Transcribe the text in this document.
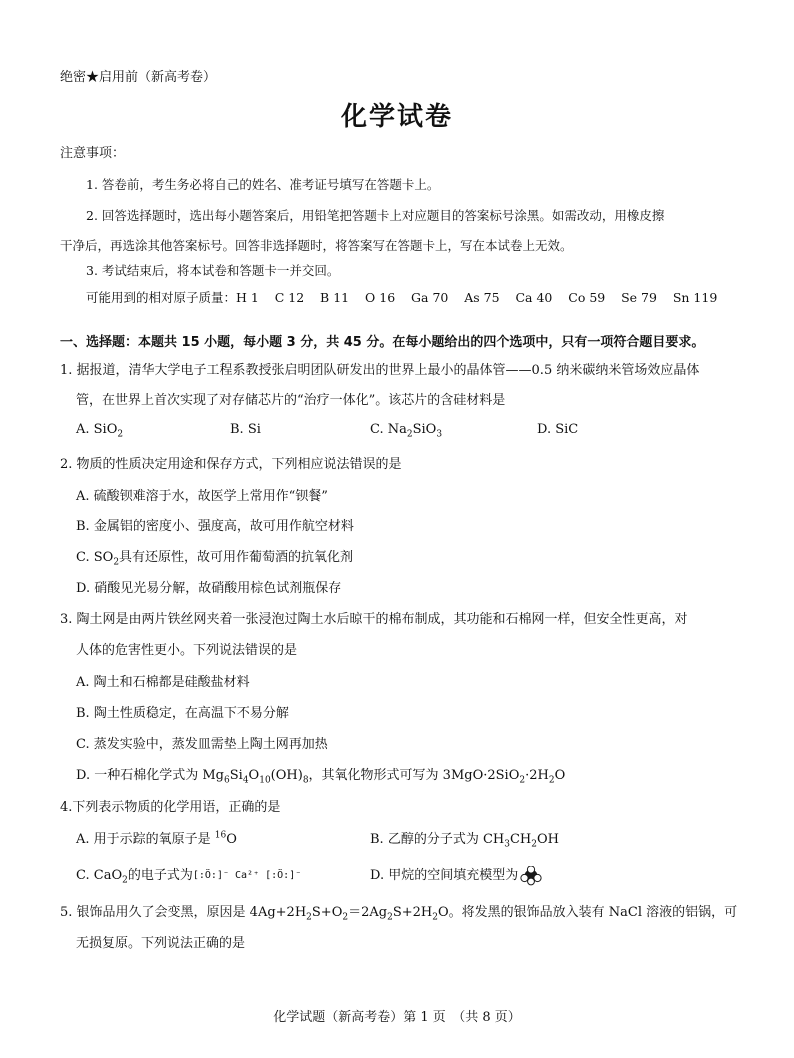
绝密★启用前（新高考卷）
化学试卷
注意事项：
1. 答卷前，考生务必将自己的姓名、准考证号填写在答题卡上。
2. 回答选择题时，选出每小题答案后，用铅笔把答题卡上对应题目的答案标号涂黑。如需改动，用橡皮擦
干净后，再选涂其他答案标号。回答非选择题时，将答案写在答题卡上，写在本试卷上无效。
3. 考试结束后，将本试卷和答题卡一并交回。
可能用到的相对原子质量：H 1    C 12    B 11    O 16    Ga 70    As 75    Ca 40    Co 59    Se 79    Sn 119
一、选择题：本题共 15 小题，每小题 3 分，共 45 分。在每小题给出的四个选项中，只有一项符合题目要求。
1. 据报道，清华大学电子工程系教授张启明团队研发出的世界上最小的晶体管——0.5 纳米碳纳米管场效应晶体
管，在世界上首次实现了对存储芯片的“治疗一体化”。该芯片的含硅材料是
A. SiO$_2$	B. Si	C. $Na_2SiO_3$	D. SiC
2. 物质的性质决定用途和保存方式，下列相应说法错误的是
A. 硫酸钡难溶于水，故医学上常用作“钡餐”
B. 金属铝的密度小、强度高，故可用作航空材料
C. $SO_2$具有还原性，故可用作葡萄酒的抗氧化剂
D. 硝酸见光易分解，故硝酸用棕色试剂瓶保存
3. 陶土网是由两片铁丝网夹着一张浸泡过陶土水后晾干的棉布制成，其功能和石棉网一样，但安全性更高，对
人体的危害性更小。下列说法错误的是
A. 陶土和石棉都是硅酸盐材料
B. 陶土性质稳定，在高温下不易分解
C. 蒸发实验中，蒸发皿需垫上陶土网再加热
D. 一种石棉化学式为 $Mg_6Si_4O_{10}(OH)_8$，其氧化物形式可写为 $3MgO\cdot 2SiO_2\cdot 2H_2O$
4.下列表示物质的化学用语，正确的是
A. 用于示踪的氧原子是 $^{16}$O	B. 乙醇的分子式为 $CH_3CH_2OH$
C. CaO$_2$的电子式为[:Ö:]⁻ Ca²⁺ [:Ö:]⁻	D. 甲烷的空间填充模型为
5. 银饰品用久了会变黑，原因是 $4Ag+2H_2S+O_2=2Ag_2S+2H_2O$。将发黑的银饰品放入装有 NaCl 溶液的铝锅，可
无损复原。下列说法正确的是
化学试题（新高考卷）第 1 页　（共 8 页）
